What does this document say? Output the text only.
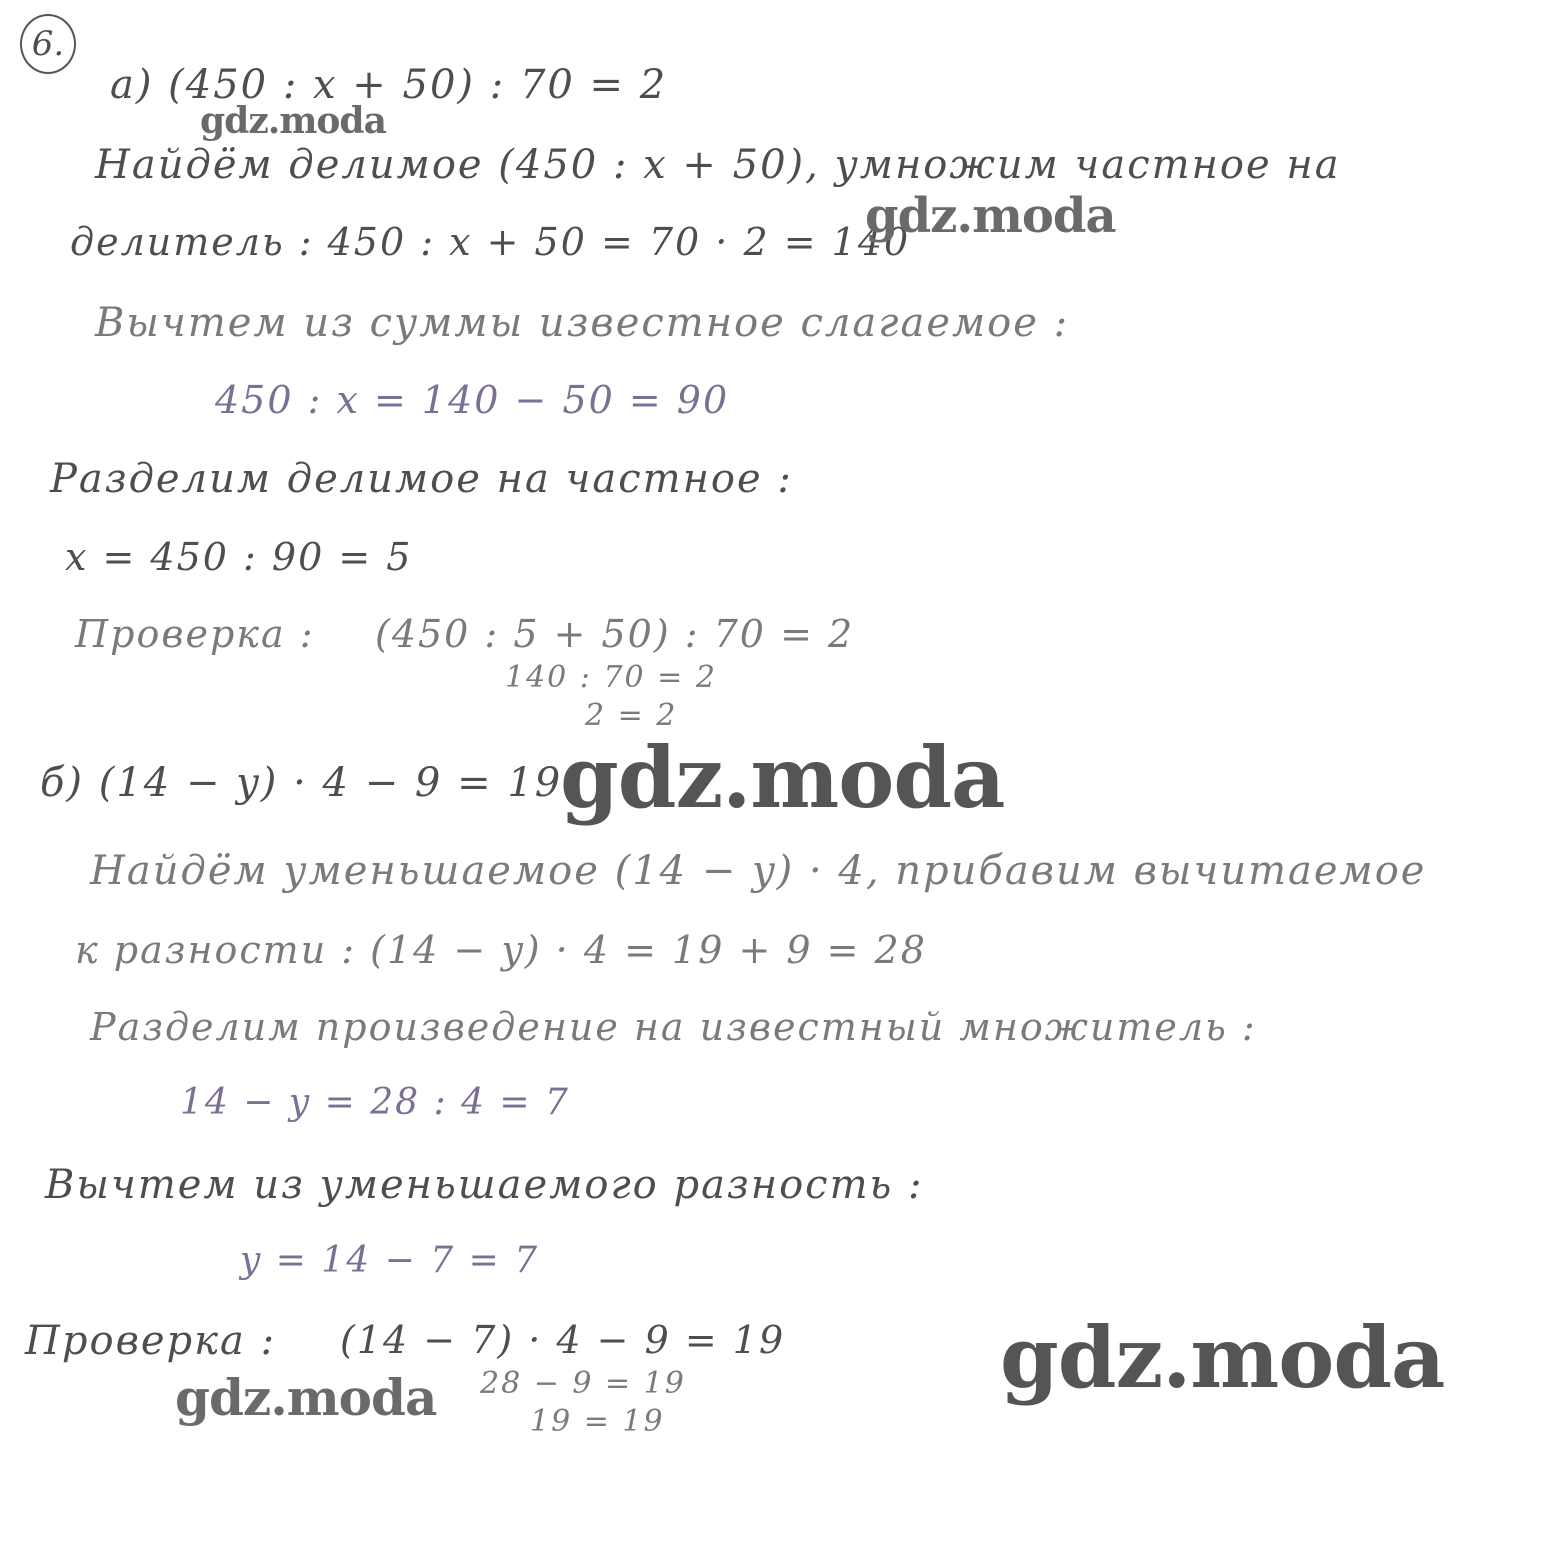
6.
а) (450 : x + 50) : 70 = 2
Найдём делимое (450 : x + 50), умножим частное на
делитель : 450 : x + 50 = 70 · 2 = 140
Вычтем из суммы известное слагаемое :
450 : x = 140 − 50 = 90
Разделим делимое на частное :
x = 450 : 90 = 5
Проверка : (450 : 5 + 50) : 70 = 2
140 : 70 = 2
2 = 2
б) (14 − y) · 4 − 9 = 19
Найдём уменьшаемое (14 − y) · 4, прибавим вычитаемое
к разности : (14 − y) · 4 = 19 + 9 = 28
Разделим произведение на известный множитель :
14 − y = 28 : 4 = 7
Вычтем из уменьшаемого разность :
y = 14 − 7 = 7
Проверка : (14 − 7) · 4 − 9 = 19
28 − 9 = 19
19 = 19
gdz.moda
gdz.moda
gdz.moda
gdz.moda
gdz.moda
